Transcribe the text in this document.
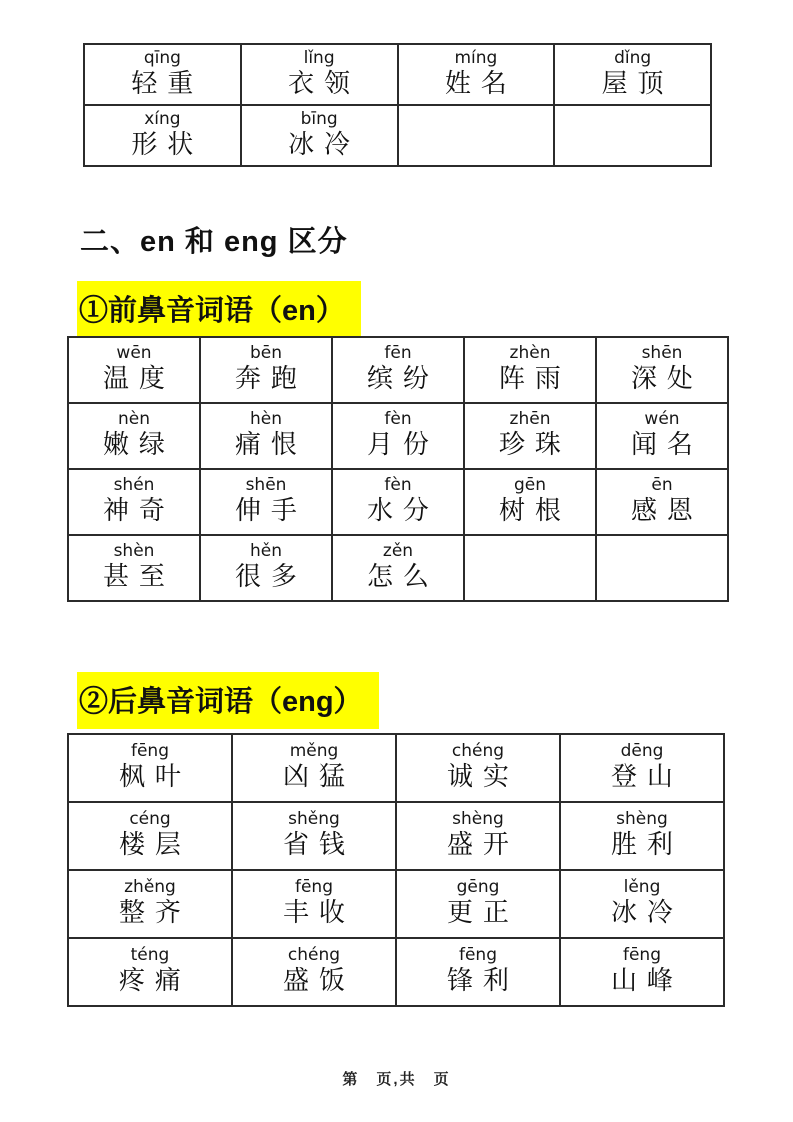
qīng
轻重
lǐng
衣领
míng
姓名
dǐng
屋顶
xíng
形状
bīng
冰冷
二、en 和 eng 区分
①前鼻音词语（en）
wēn
温度
bēn
奔跑
fēn
缤纷
zhèn
阵雨
shēn
深处
nèn
嫩绿
hèn
痛恨
fèn
月份
zhēn
珍珠
wén
闻名
shén
神奇
shēn
伸手
fèn
水分
gēn
树根
ēn
感恩
shèn
甚至
hěn
很多
zěn
怎么
②后鼻音词语（eng）
fēng
枫叶
měng
凶猛
chéng
诚实
dēng
登山
céng
楼层
shěng
省钱
shèng
盛开
shèng
胜利
zhěng
整齐
fēng
丰收
gēng
更正
lěng
冰冷
téng
疼痛
chéng
盛饭
fēng
锋利
fēng
山峰
第　页,共　页
